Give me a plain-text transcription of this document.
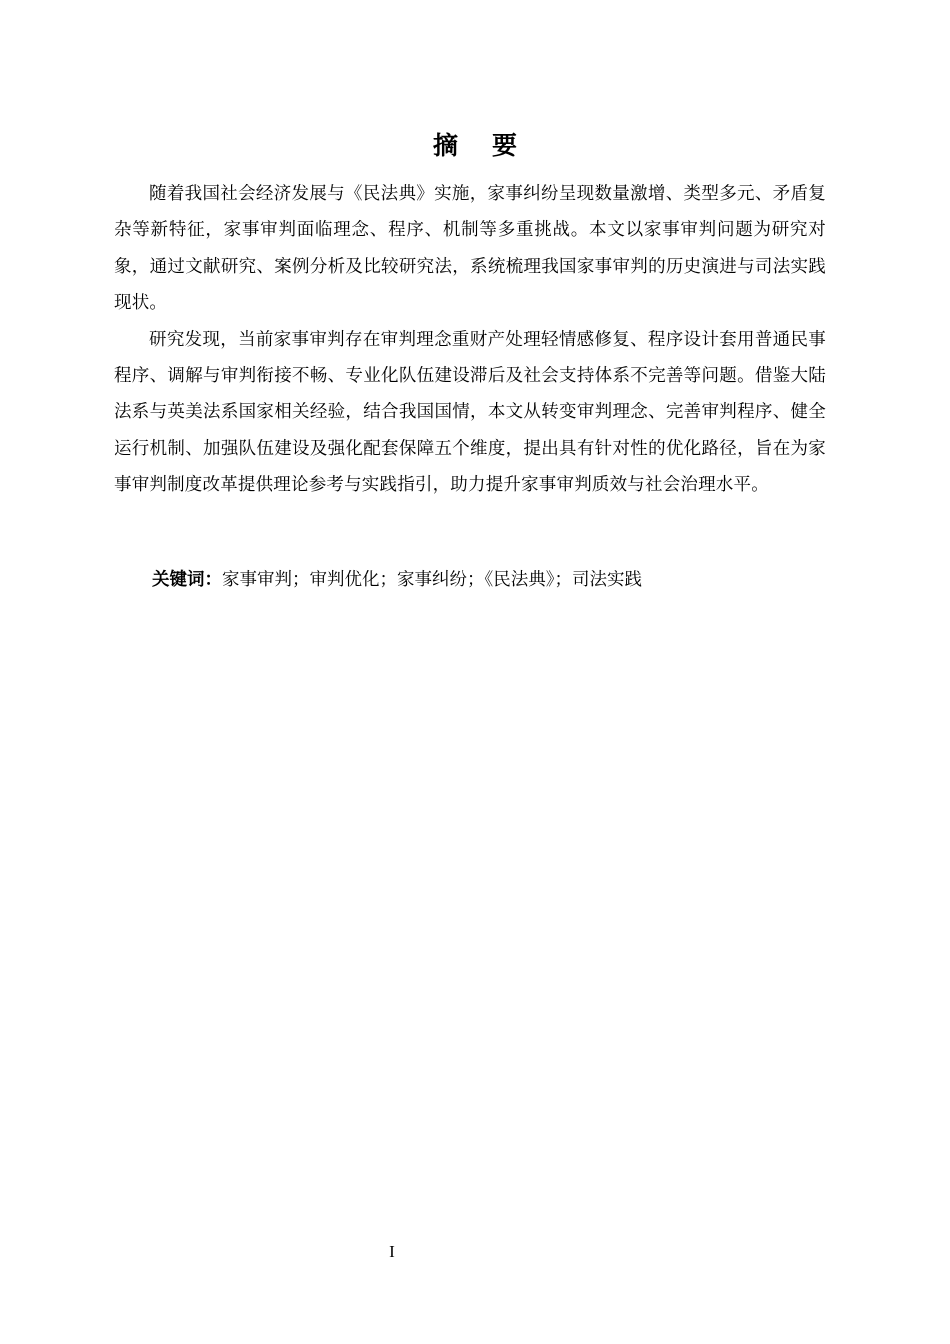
摘要

随着我国社会经济发展与《民法典》实施，家事纠纷呈现数量激增、类型多元、矛盾复杂等新特征，家事审判面临理念、程序、机制等多重挑战。本文以家事审判问题为研究对象，通过文献研究、案例分析及比较研究法，系统梳理我国家事审判的历史演进与司法实践现状。

研究发现，当前家事审判存在审判理念重财产处理轻情感修复、程序设计套用普通民事程序、调解与审判衔接不畅、专业化队伍建设滞后及社会支持体系不完善等问题。借鉴大陆法系与英美法系国家相关经验，结合我国国情，本文从转变审判理念、完善审判程序、健全运行机制、加强队伍建设及强化配套保障五个维度，提出具有针对性的优化路径，旨在为家事审判制度改革提供理论参考与实践指引，助力提升家事审判质效与社会治理水平。

关键词：家事审判；审判优化；家事纠纷；《民法典》；司法实践
I
